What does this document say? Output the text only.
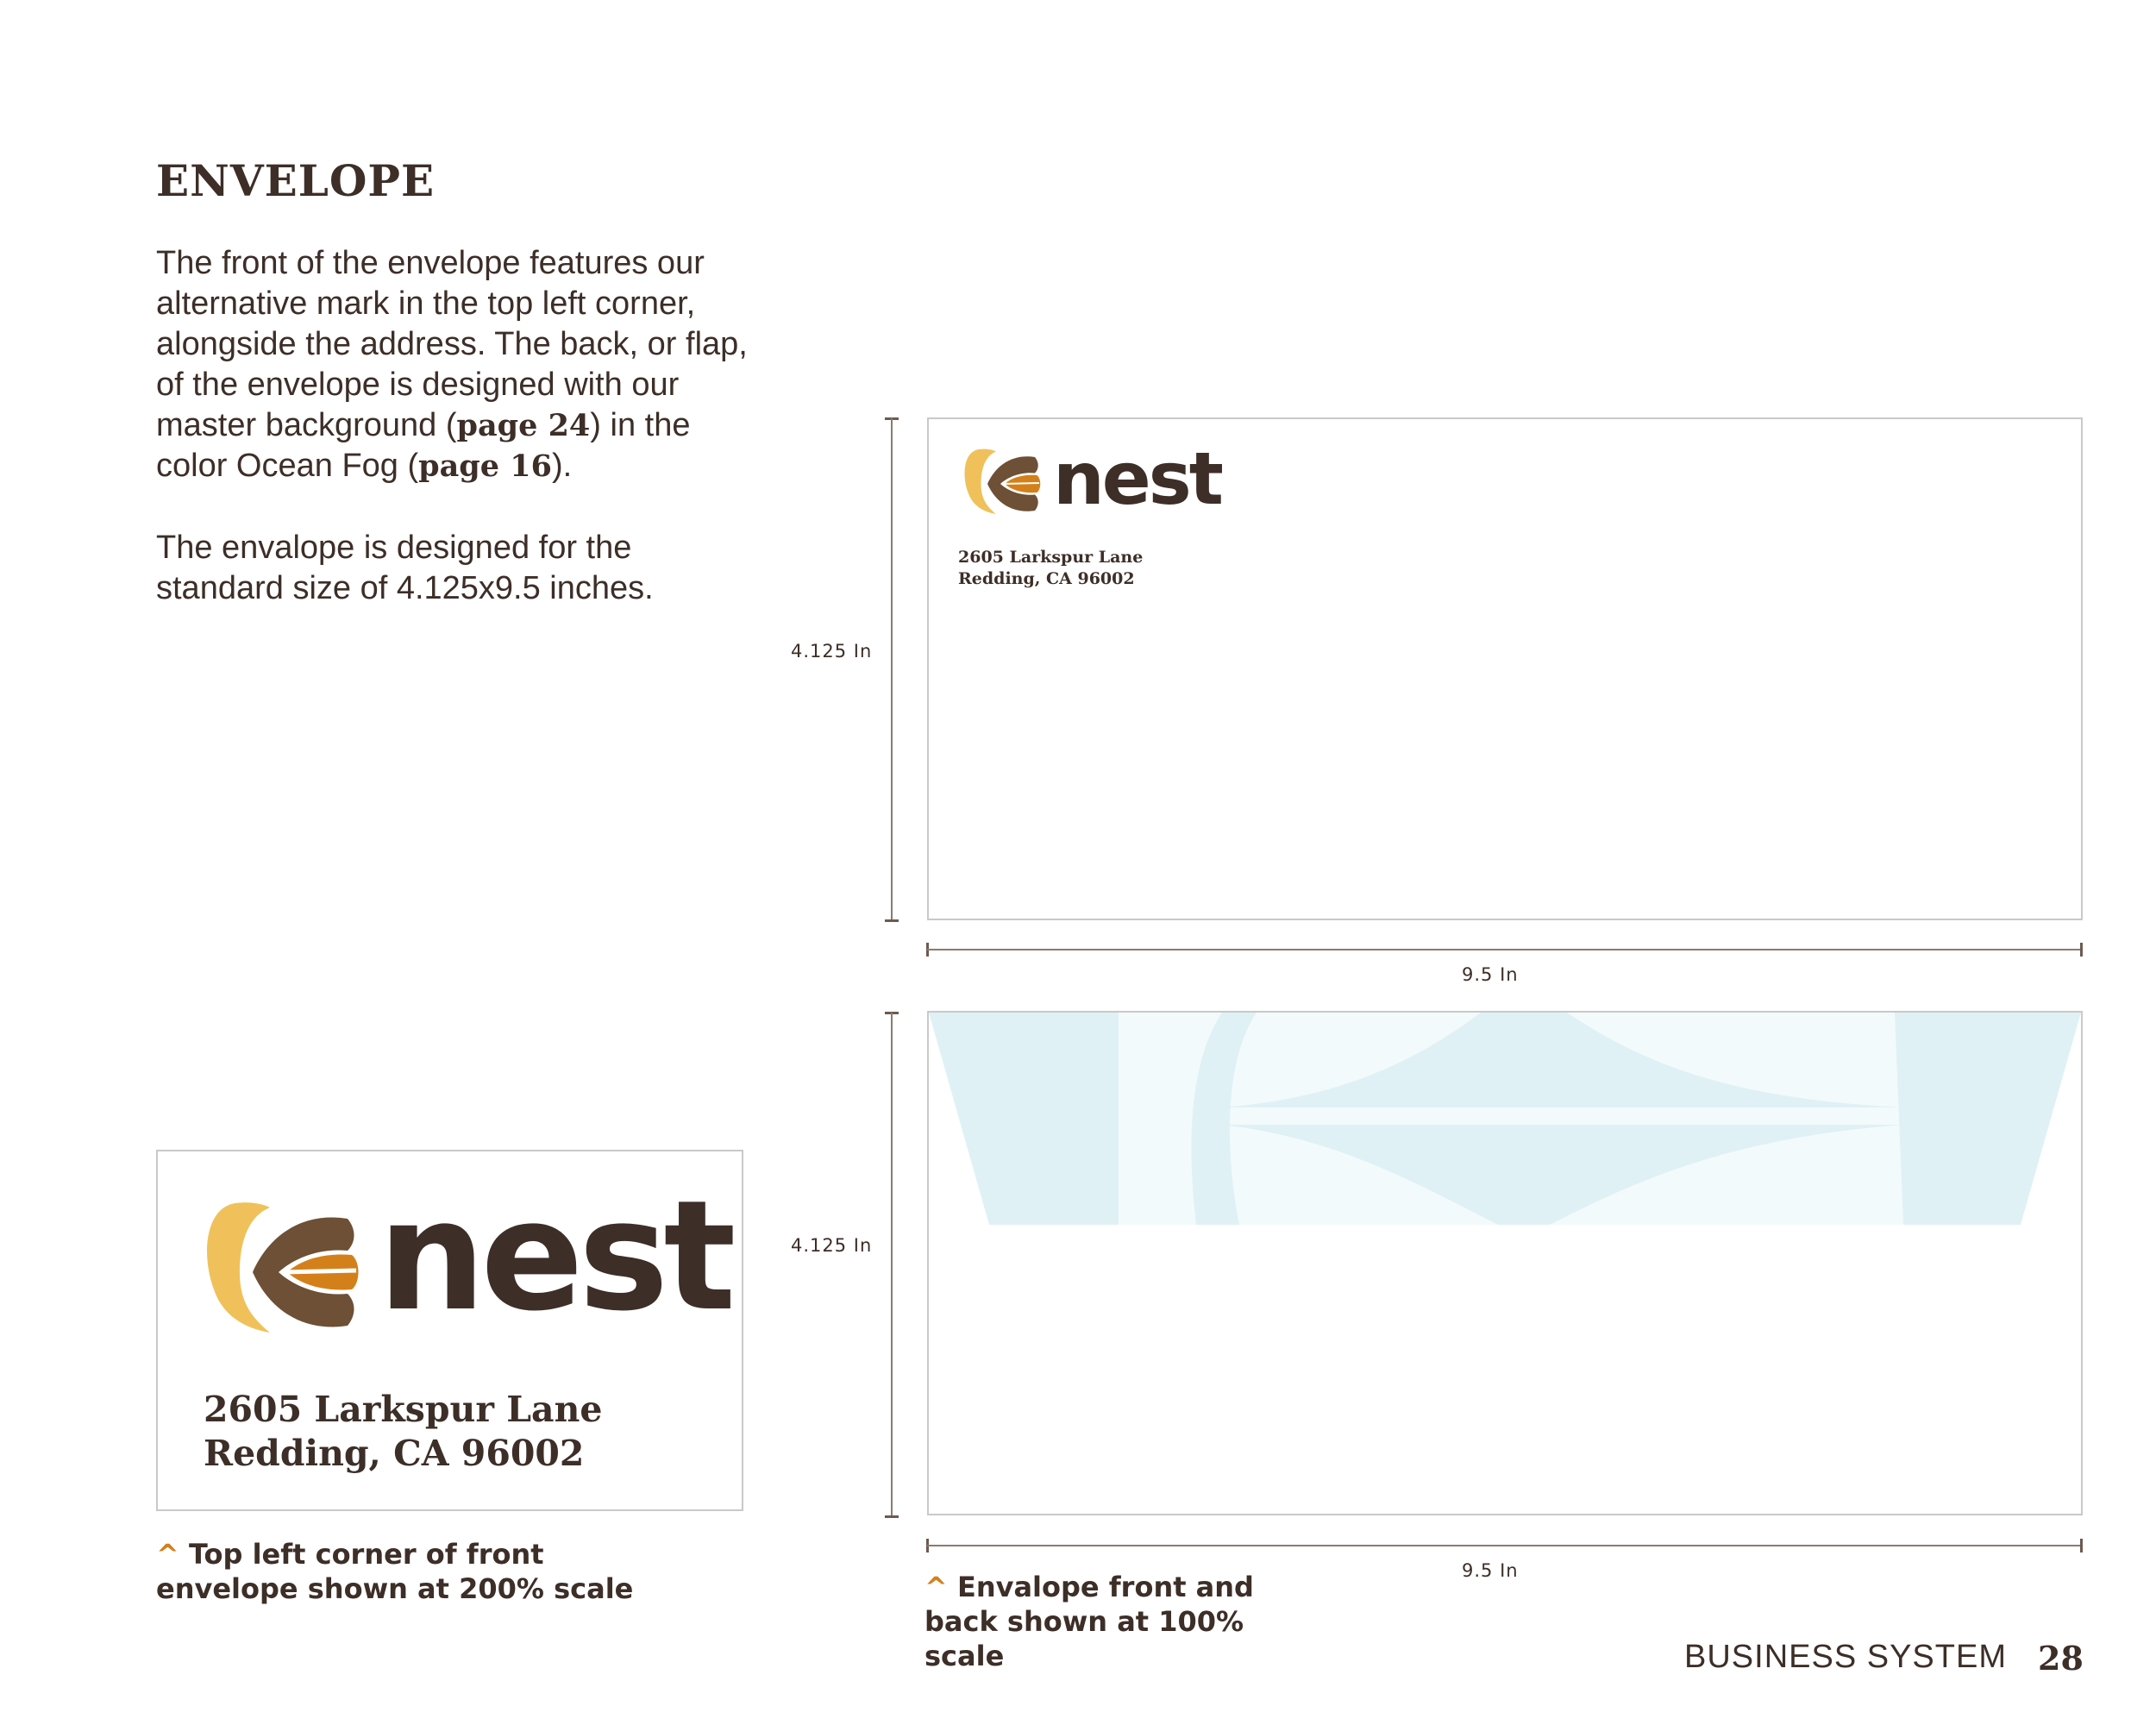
ENVELOPE

The front of the envelope features our alternative mark in the top left corner, alongside the address. The back, or flap, of the envelope is designed with our master background (page 24) in the color Ocean Fog (page 16).

The envalope is designed for the standard size of 4.125x9.5 inches.

4.125 In
nest
2605 Larkspur Lane
Redding, CA 96002
9.5 In
4.125 In
9.5 In
nest
2605 Larkspur Lane
Redding, CA 96002

^ Top left corner of front envelope shown at 200% scale	^ Envalope front and back shown at 100% scale	BUSINESS SYSTEM 28
